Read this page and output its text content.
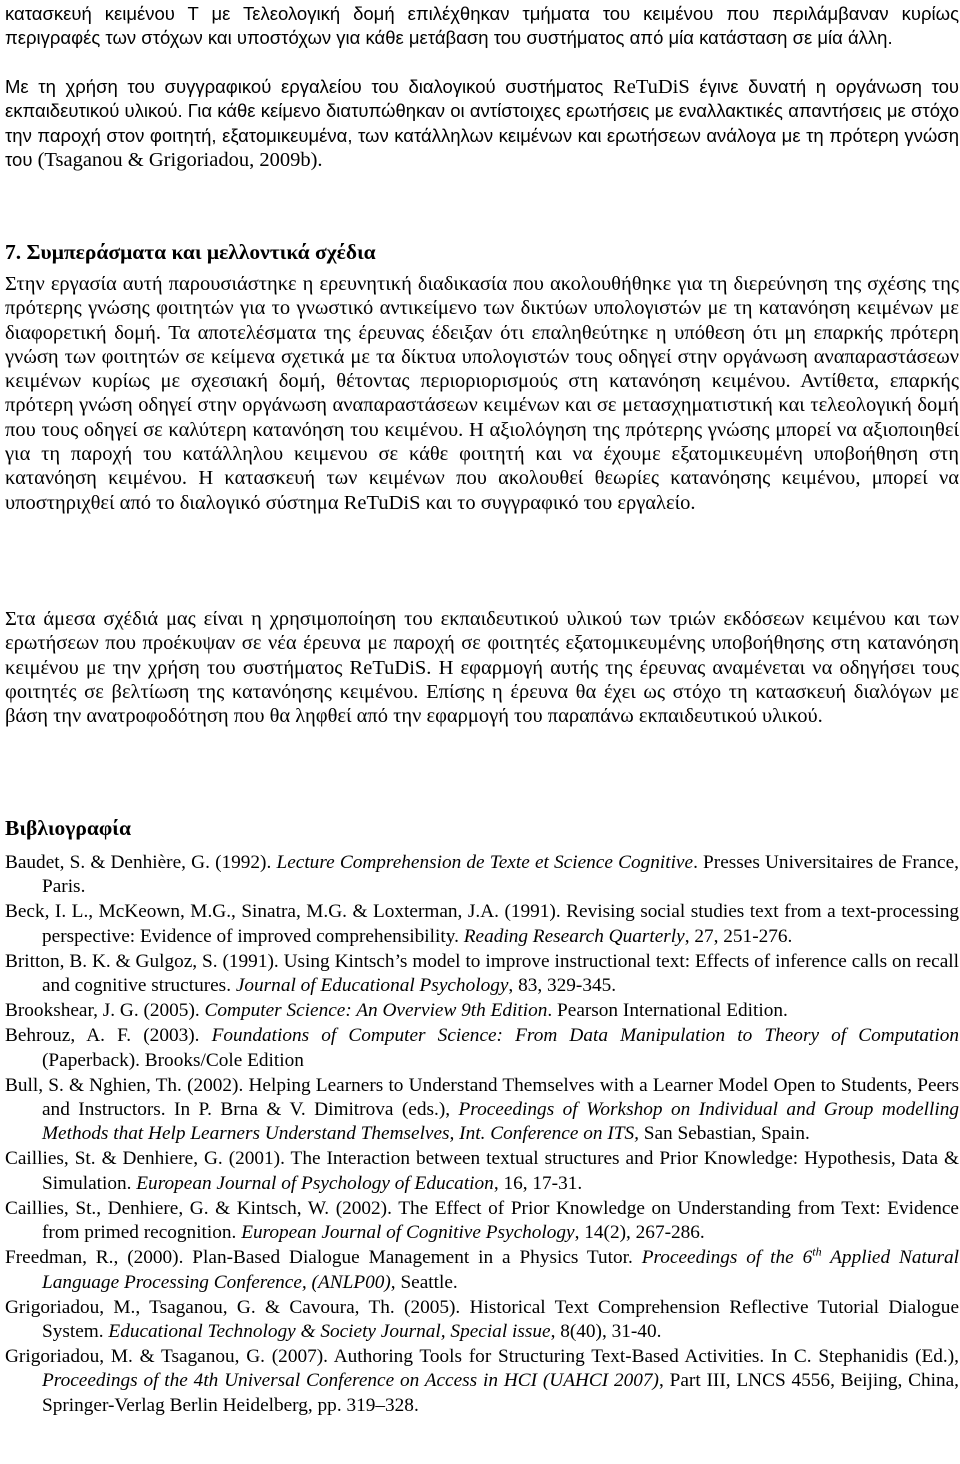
κατασκευή κειμένου Τ με Τελεολογική δομή επιλέχθηκαν τμήματα του κειμένου που περιλάμβαναν κυρίως περιγραφές των στόχων και υποστόχων για κάθε μετάβαση του συστήματος από μία κατάσταση σε μία άλλη.

Με τη χρήση του συγγραφικού εργαλείου του διαλογικού συστήματος ReTuDiS έγινε δυνατή η οργάνωση του εκπαιδευτικού υλικού. Για κάθε κείμενο διατυπώθηκαν οι αντίστοιχες ερωτήσεις με εναλλακτικές απαντήσεις με στόχο την παροχή στον φοιτητή, εξατομικευμένα, των κατάλληλων κειμένων και ερωτήσεων ανάλογα με τη πρότερη γνώση του (Tsaganou & Grigoriadou, 2009b).

7. Συμπεράσματα και μελλοντικά σχέδια

Στην εργασία αυτή παρουσιάστηκε η ερευνητική διαδικασία που ακολουθήθηκε για τη διερεύνηση της σχέσης της πρότερης γνώσης φοιτητών για το γνωστικό αντικείμενο των δικτύων υπολογιστών με τη κατανόηση κειμένων με διαφορετική δομή. Τα αποτελέσματα της έρευνας έδειξαν ότι επαληθεύτηκε η υπόθεση ότι μη επαρκής πρότερη γνώση των φοιτητών σε κείμενα σχετικά με τα δίκτυα υπολογιστών τους οδηγεί στην οργάνωση αναπαραστάσεων κειμένων κυρίως με σχεσιακή δομή, θέτοντας περιοριορισμούς στη κατανόηση κειμένου. Αντίθετα, επαρκής πρότερη γνώση οδηγεί στην οργάνωση αναπαραστάσεων κειμένων και σε μετασχηματιστική και τελεολογική δομή που τους οδηγεί σε καλύτερη κατανόηση του κειμένου. Η αξιολόγηση της πρότερης γνώσης μπορεί να αξιοποιηθεί για τη παροχή του κατάλληλου κειμενου σε κάθε φοιτητή και να έχουμε εξατομικευμένη υποβοήθηση στη κατανόηση κειμένου. Η κατασκευή των κειμένων που ακολουθεί θεωρίες κατανόησης κειμένου, μπορεί να υποστηριχθεί από το διαλογικό σύστημα ReTuDiS και το συγγραφικό του εργαλείο.

Στα άμεσα σχέδιά μας είναι η χρησιμοποίηση του εκπαιδευτικού υλικού των τριών εκδόσεων κειμένου και των ερωτήσεων που προέκυψαν σε νέα έρευνα με παροχή σε φοιτητές εξατομικευμένης υποβοήθησης στη κατανόηση κειμένου με την χρήση του συστήματος ReTuDiS. Η εφαρμογή αυτής της έρευνας αναμένεται να οδηγήσει τους φοιτητές σε βελτίωση της κατανόησης κειμένου. Επίσης η έρευνα θα έχει ως στόχο τη κατασκευή διαλόγων με βάση την ανατροφοδότηση που θα ληφθεί από την εφαρμογή του παραπάνω εκπαιδευτικού υλικού.

Βιβλιογραφία

Baudet, S. & Denhière, G. (1992). Lecture Comprehension de Texte et Science Cognitive. Presses Universitaires de France, Paris.

Beck, I. L., McKeown, M.G., Sinatra, M.G. & Loxterman, J.A. (1991). Revising social studies text from a text-processing perspective: Evidence of improved comprehensibility. Reading Research Quarterly, 27, 251-276.

Britton, B. K. & Gulgoz, S. (1991). Using Kintsch’s model to improve instructional text: Effects of inference calls on recall and cognitive structures. Journal of Educational Psychology, 83, 329-345.

Brookshear, J. G. (2005). Computer Science: An Overview 9th Edition. Pearson International Edition.

Behrouz, A. F. (2003). Foundations of Computer Science: From Data Manipulation to Theory of Computation (Paperback). Brooks/Cole Edition

Bull, S. & Nghien, Th. (2002). Helping Learners to Understand Themselves with a Learner Model Open to Students, Peers and Instructors. In P. Brna & V. Dimitrova (eds.), Proceedings of Workshop on Individual and Group modelling Methods that Help Learners Understand Themselves, Int. Conference on ITS, San Sebastian, Spain.

Caillies, St. & Denhiere, G. (2001). The Interaction between textual structures and Prior Knowledge: Hypothesis, Data & Simulation. European Journal of Psychology of Education, 16, 17-31.

Caillies, St., Denhiere, G. & Kintsch, W. (2002). The Effect of Prior Knowledge on Understanding from Text: Evidence from primed recognition. European Journal of Cognitive Psychology, 14(2), 267-286.

Freedman, R., (2000). Plan-Based Dialogue Management in a Physics Tutor. Proceedings of the 6th Applied Natural Language Processing Conference, (ANLP00), Seattle.

Grigoriadou, M., Tsaganou, G. & Cavoura, Th. (2005). Historical Text Comprehension Reflective Tutorial Dialogue System. Educational Technology & Society Journal, Special issue, 8(40), 31-40.

Grigoriadou, M. & Tsaganou, G. (2007). Authoring Tools for Structuring Text-Based Activities. In C. Stephanidis (Ed.), Proceedings of the 4th Universal Conference on Access in HCI (UAHCI 2007), Part III, LNCS 4556, Beijing, China, Springer-Verlag Berlin Heidelberg, pp. 319–328.
